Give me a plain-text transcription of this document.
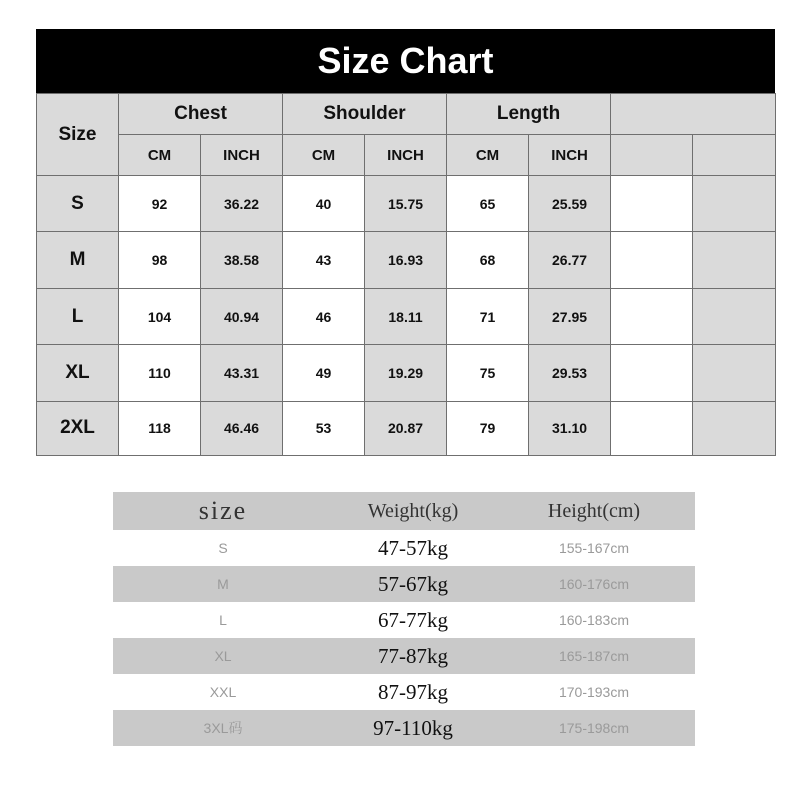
Size Chart
Size	Chest		Shoulder		Length			
	CM	INCH	CM	INCH	CM	INCH		
S	92	36.22	40	15.75	65	25.59		
M	98	38.58	43	16.93	68	26.77		
L	104	40.94	46	18.11	71	27.95		
XL	110	43.31	49	19.29	75	29.53		
2XL	118	46.46	53	20.87	79	31.10		
size	Weight(kg)	Height(cm)
S	47-57kg	155-167cm
M	57-67kg	160-176cm
L	67-77kg	160-183cm
XL	77-87kg	165-187cm
XXL	87-97kg	170-193cm
3XL码	97-110kg	175-198cm
